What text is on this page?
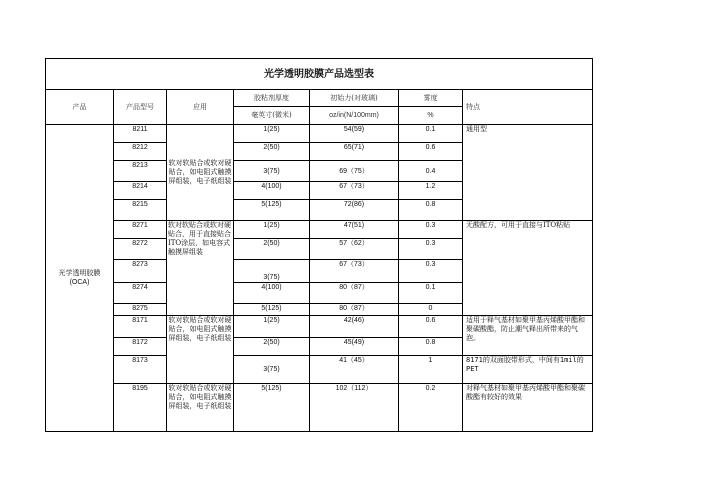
光学透明胶膜产品选型表						
产品	产品型号	应用	胶粘剂厚度	初始力(对玻璃)	雾度	特点
			毫英寸(微米)	oz/in(N/100mm)	%	

光学透明胶膜
(OCA)	8211	软对软贴合或软对硬贴合，如电阻式触摸屏组装，电子纸组装	1(25)	54(59)	0.1	通用型
	8212		2(50)	65(71)	0.6	
	8213		3(75)	69（75）	0.4	
	8214		4(100)	67（73）	1.2	
	8215		5(125)	72(86)	0.8	
	8271	软对软贴合或软对硬贴合，用于直接贴合ITO涂层，如电容式触摸屏组装	1(25)	47(51)	0.3	无酸配方，可用于直接与ITO粘贴
	8272		2(50)	57（62）	0.3	
	8273		3(75)	67（73）	0.3	
	8274		4(100)	80（87）	0.1	
	8275		5(125)	80（87）	0	
	8171	软对软贴合或软对硬贴合，如电阻式触摸屏组装，电子纸组装	1(25)	42(46)	0.6	适用于释气基材如聚甲基丙烯酸甲酯和聚碳酸酯，防止潮气释出所带来的气泡。
	8172		2(50)	45(49)	0.8	
	8173		3(75)	41（45）	1	8171的双面胶带形式，中间有1mil的PET
	8195	软对软贴合或软对硬贴合，如电阻式触摸屏组装，电子纸组装	5(125)	102（112）	0.2	对释气基材如聚甲基丙烯酸甲酯和聚碳酸酯有较好的效果
